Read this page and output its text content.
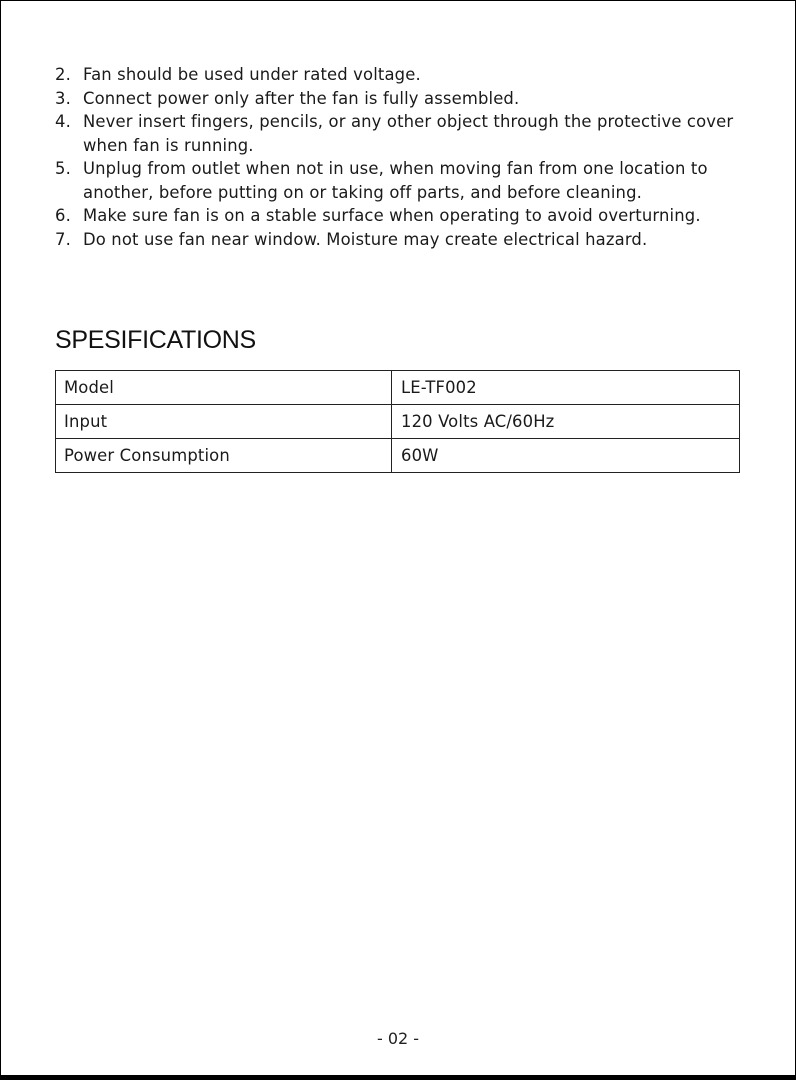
2. Fan should be used under rated voltage.
3. Connect power only after the fan is fully assembled.
4. Never insert fingers, pencils, or any other object through the protective cover when fan is running.
5. Unplug from outlet when not in use, when moving fan from one location to another, before putting on or taking off parts, and before cleaning.
6. Make sure fan is on a stable surface when operating to avoid overturning.
7. Do not use fan near window. Moisture may create electrical hazard.
SPESIFICATIONS
Model	LE-TF002
Input	120 Volts AC/60Hz
Power Consumption	60W
- 02 -
